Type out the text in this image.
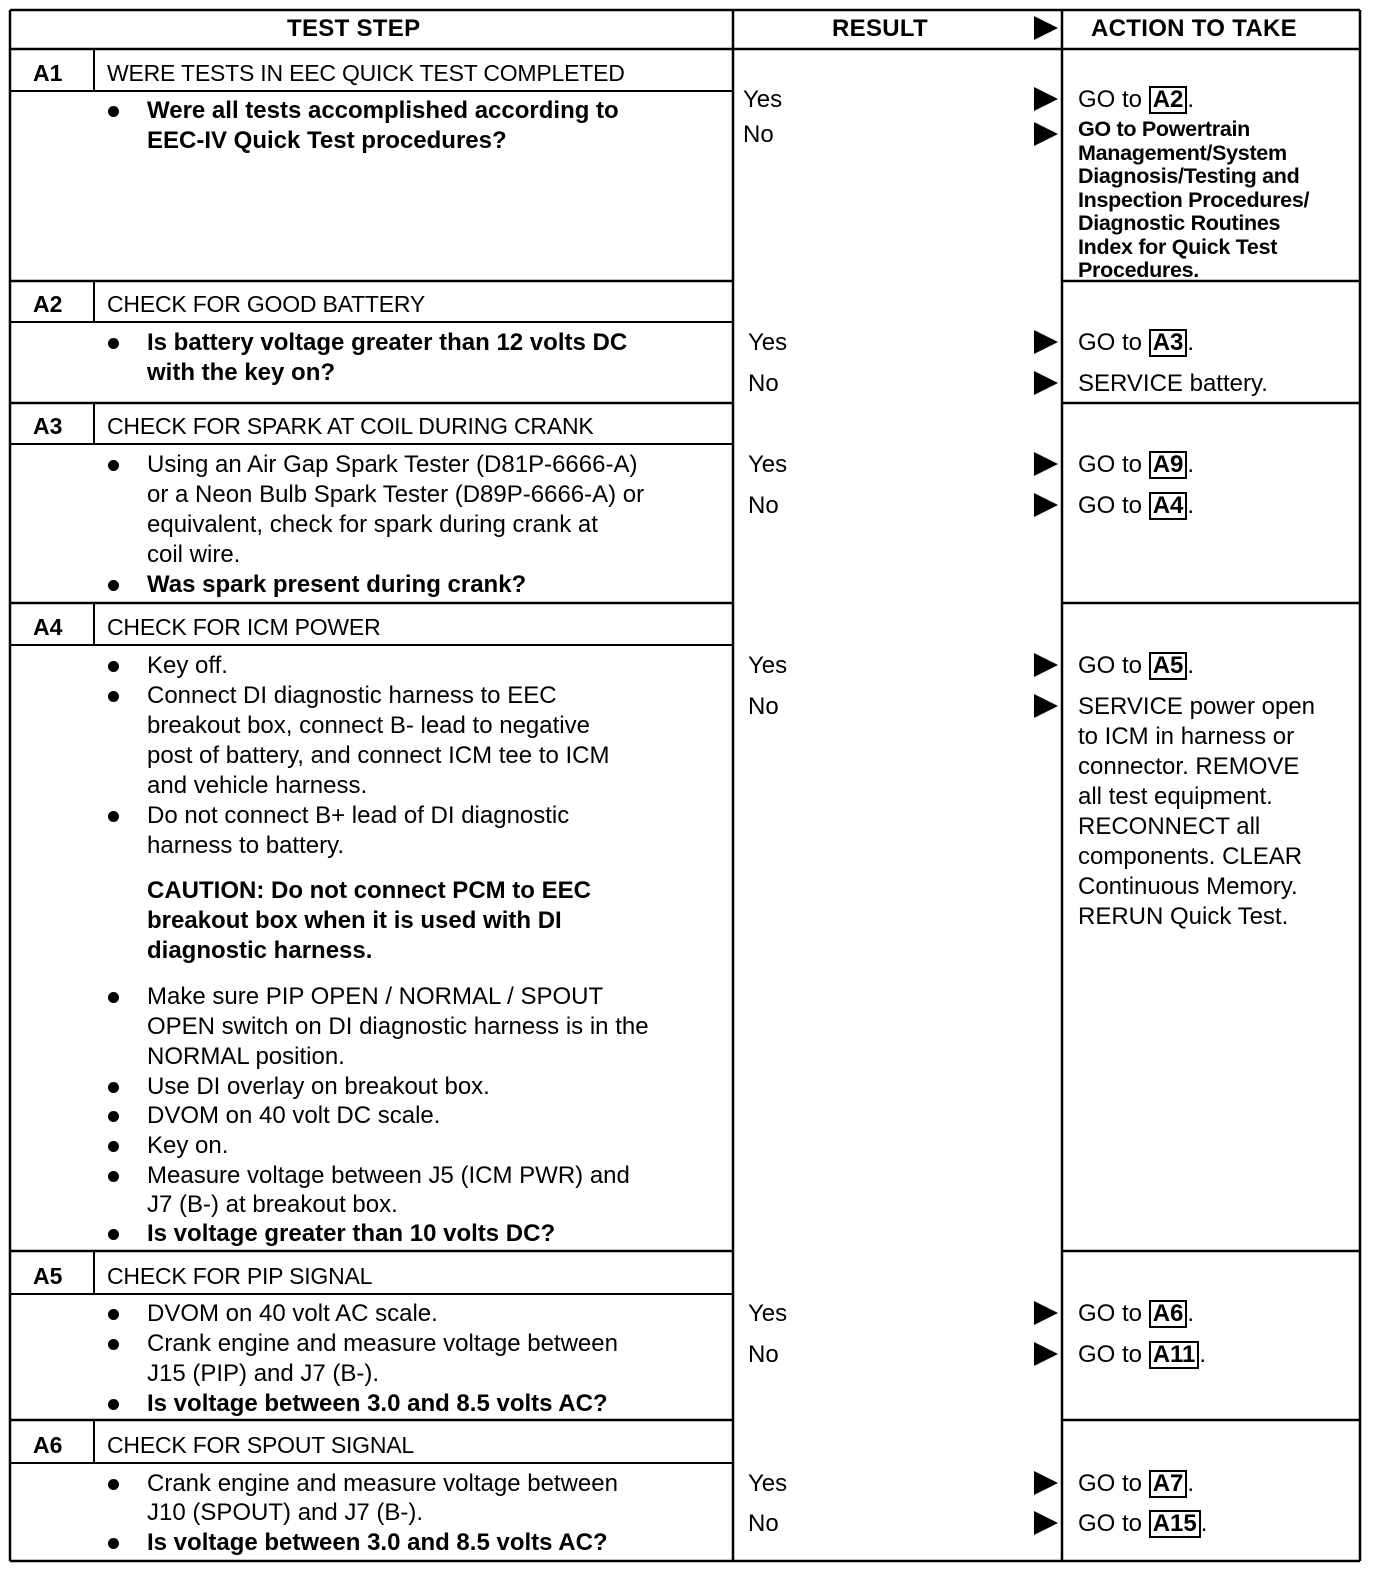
TEST STEP	RESULT	ACTION TO TAKE
A1 WERE TESTS IN EEC QUICK TEST COMPLETED
Were all tests accomplished according to
EEC-IV Quick Test procedures?
Yes
No
GO to A2 .
GO to Powertrain
Management/System
Diagnosis/Testing and
Inspection Procedures/
Diagnostic Routines
Index for Quick Test
Procedures.
A2 CHECK FOR GOOD BATTERY
Is battery voltage greater than 12 volts DC
with the key on?
Yes
No
GO to A3 .
SERVICE battery.
A3 CHECK FOR SPARK AT COIL DURING CRANK
Using an Air Gap Spark Tester (D81P-6666-A)
or a Neon Bulb Spark Tester (D89P-6666-A) or
equivalent, check for spark during crank at
coil wire.
Was spark present during crank?
Yes
No
GO to A9 .
GO to A4 .
A4 CHECK FOR ICM POWER
Key off.
Connect DI diagnostic harness to EEC
breakout box, connect B- lead to negative
post of battery, and connect ICM tee to ICM
and vehicle harness.
Do not connect B+ lead of DI diagnostic
harness to battery.
CAUTION: Do not connect PCM to EEC
breakout box when it is used with DI
diagnostic harness.
Make sure PIP OPEN / NORMAL / SPOUT
OPEN switch on DI diagnostic harness is in the
NORMAL position.
Use DI overlay on breakout box.
DVOM on 40 volt DC scale.
Key on.
Measure voltage between J5 (ICM PWR) and
J7 (B-) at breakout box.
Is voltage greater than 10 volts DC?
Yes
No
GO to A5 .
SERVICE power open
to ICM in harness or
connector. REMOVE
all test equipment.
RECONNECT all
components. CLEAR
Continuous Memory.
RERUN Quick Test.
A5 CHECK FOR PIP SIGNAL
DVOM on 40 volt AC scale.
Crank engine and measure voltage between
J15 (PIP) and J7 (B-).
Is voltage between 3.0 and 8.5 volts AC?
Yes
No
GO to A6 .
GO to A11 .
A6 CHECK FOR SPOUT SIGNAL
Crank engine and measure voltage between
J10 (SPOUT) and J7 (B-).
Is voltage between 3.0 and 8.5 volts AC?
Yes
No
GO to A7 .
GO to A15 .
